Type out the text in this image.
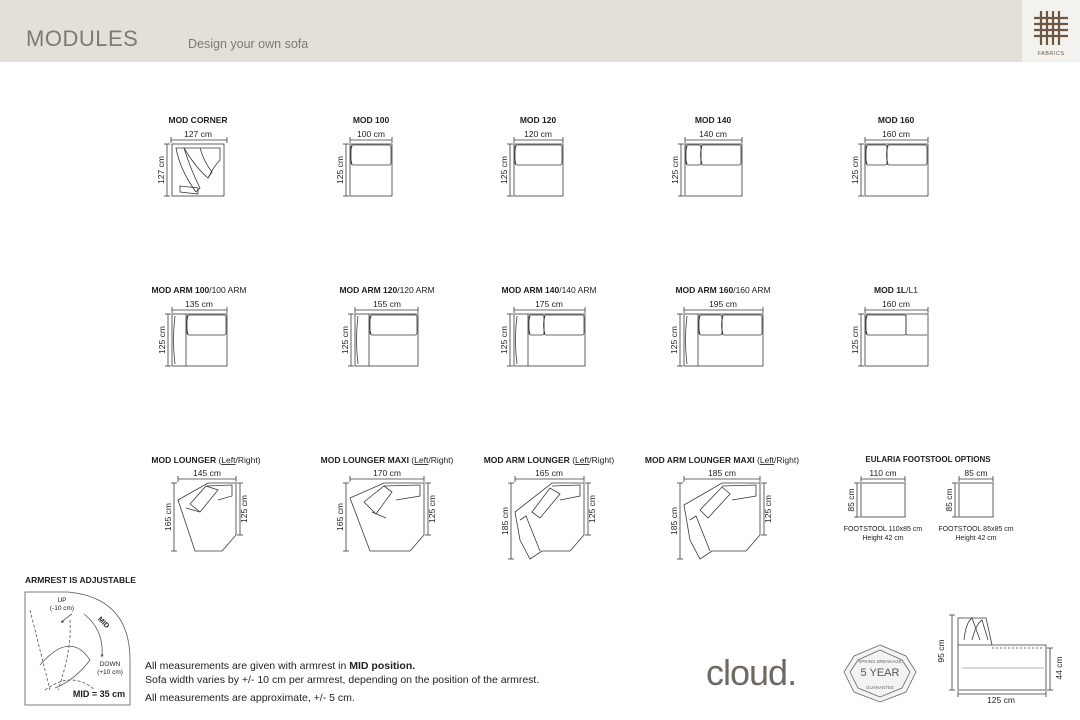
MODULES	Design your own sofa
FABRICS
MOD CORNER	MOD 100	MOD 120	MOD 140	MOD 160
127 cm	100 cm	120 cm	140 cm	160 cm
127 cm	125 cm	125 cm	125 cm	125 cm
MOD ARM 100/100 ARM	MOD ARM 120/120 ARM	MOD ARM 140/140 ARM	MOD ARM 160/160 ARM	MOD 1L/L1
135 cm	155 cm	175 cm	195 cm	160 cm
125 cm	125 cm	125 cm	125 cm	125 cm
MOD LOUNGER (Left/Right)	MOD LOUNGER MAXI (Left/Right)	MOD ARM LOUNGER (Left/Right)	MOD ARM LOUNGER MAXI (Left/Right)
145 cm	170 cm	165 cm	185 cm
165 cm	125 cm	165 cm	125 cm	185 cm	125 cm	185 cm	125 cm
EULARIA FOOTSTOOL OPTIONS
110 cm	85 cm
85 cm	85 cm
FOOTSTOOL 110x85 cm
Height 42 cm
FOOTSTOOL 85x85 cm
Height 42 cm
UP
(-10 cm)
MID
DOWN
(+10 cm)
MID = 35 cm
SPRING BREAKAGE
5 YEAR
GUARANTEE
95 cm
44 cm
125 cm
ARMREST IS ADJUSTABLE
All measurements are given with armrest in MID position.
Sofa width varies by +/- 10 cm per armrest, depending on the position of the armrest.
All measurements are approximate, +/- 5 cm.
cloud.
